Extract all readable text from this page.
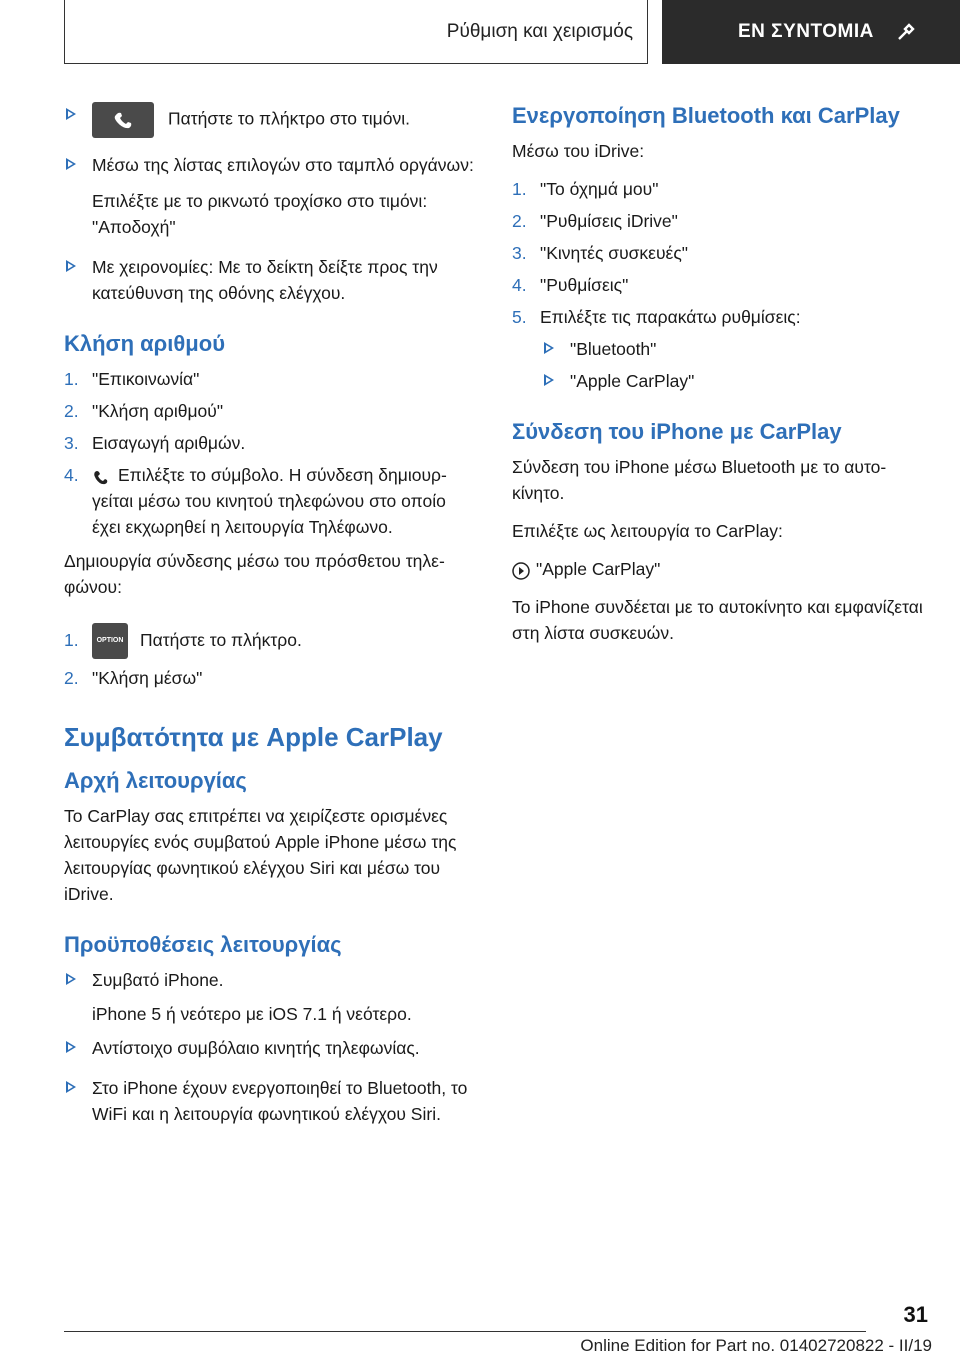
Ρύθμιση και χειρισμός	ΕΝ ΣΥΝΤΟΜΙΑ
Πατήστε το πλήκτρο στο τιμόνι.
Μέσω της λίστας επιλογών στο ταμπλό οργάνων:
Επιλέξτε με το ρικνωτό τροχίσκο στο τιμόνι: "Αποδοχή"
Με χειρονομίες: Με το δείκτη δείξτε προς την κατεύθυνση της οθόνης ελέγχου.
Κλήση αριθμού
1. "Επικοινωνία"
2. "Κλήση αριθμού"
3. Εισαγωγή αριθμών.
4. Επιλέξτε το σύμβολο. Η σύνδεση δημιουργείται μέσω του κινητού τηλεφώνου στο οποίο έχει εκχωρηθεί η λειτουργία Τηλέφωνο.
Δημιουργία σύνδεσης μέσω του πρόσθετου τηλεφώνου:
1.	OPTION Πατήστε το πλήκτρο.
2. "Κλήση μέσω"
Συμβατότητα με Apple CarPlay
Αρχή λειτουργίας
Το CarPlay σας επιτρέπει να χειρίζεστε ορισμένες λειτουργίες ενός συμβατού Apple iPhone μέσω της λειτουργίας φωνητικού ελέγχου Siri και μέσω του iDrive.
Προϋποθέσεις λειτουργίας
Συμβατό iPhone.
iPhone 5 ή νεότερο με iOS 7.1 ή νεότερο.
Αντίστοιχο συμβόλαιο κινητής τηλεφωνίας.
Στο iPhone έχουν ενεργοποιηθεί το Bluetooth, το WiFi και η λειτουργία φωνητικού ελέγχου Siri.
Ενεργοποίηση Bluetooth και CarPlay
Μέσω του iDrive:
1. "Το όχημά μου"
2. "Ρυθμίσεις iDrive"
3. "Κινητές συσκευές"
4. "Ρυθμίσεις"
5. Επιλέξτε τις παρακάτω ρυθμίσεις:
"Bluetooth"
"Apple CarPlay"
Σύνδεση του iPhone με CarPlay
Σύνδεση του iPhone μέσω Bluetooth με το αυτοκίνητο.
Επιλέξτε ως λειτουργία το CarPlay:
"Apple CarPlay"
Το iPhone συνδέεται με το αυτοκίνητο και εμφανίζεται στη λίστα συσκευών.
31
Online Edition for Part no. 01402720822 - II/19
